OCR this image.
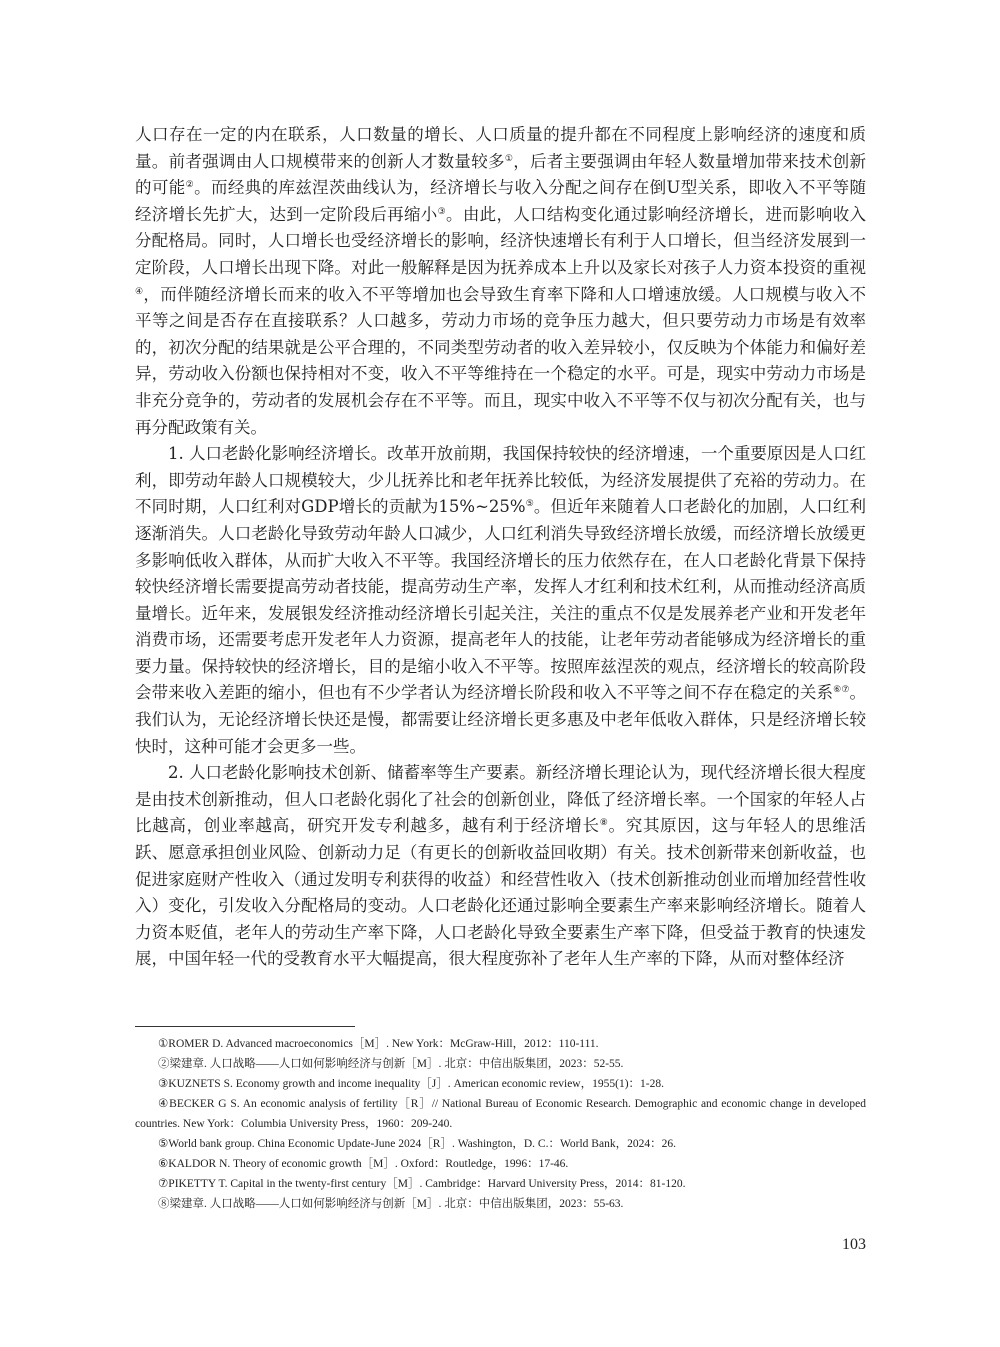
人口存在一定的内在联系，人口数量的增长、人口质量的提升都在不同程度上影响经济的速度和质量。前者强调由人口规模带来的创新人才数量较多①，后者主要强调由年轻人数量增加带来技术创新的可能②。而经典的库兹涅茨曲线认为，经济增长与收入分配之间存在倒U型关系，即收入不平等随经济增长先扩大，达到一定阶段后再缩小③。由此，人口结构变化通过影响经济增长，进而影响收入分配格局。同时，人口增长也受经济增长的影响，经济快速增长有利于人口增长，但当经济发展到一定阶段，人口增长出现下降。对此一般解释是因为抚养成本上升以及家长对孩子人力资本投资的重视④，而伴随经济增长而来的收入不平等增加也会导致生育率下降和人口增速放缓。人口规模与收入不平等之间是否存在直接联系？人口越多，劳动力市场的竞争压力越大，但只要劳动力市场是有效率的，初次分配的结果就是公平合理的，不同类型劳动者的收入差异较小，仅反映为个体能力和偏好差异，劳动收入份额也保持相对不变，收入不平等维持在一个稳定的水平。可是，现实中劳动力市场是非充分竞争的，劳动者的发展机会存在不平等。而且，现实中收入不平等不仅与初次分配有关，也与再分配政策有关。

1. 人口老龄化影响经济增长。改革开放前期，我国保持较快的经济增速，一个重要原因是人口红利，即劳动年龄人口规模较大，少儿抚养比和老年抚养比较低，为经济发展提供了充裕的劳动力。在不同时期，人口红利对GDP增长的贡献为15%~25%⑤。但近年来随着人口老龄化的加剧，人口红利逐渐消失。人口老龄化导致劳动年龄人口减少，人口红利消失导致经济增长放缓，而经济增长放缓更多影响低收入群体，从而扩大收入不平等。我国经济增长的压力依然存在，在人口老龄化背景下保持较快经济增长需要提高劳动者技能，提高劳动生产率，发挥人才红利和技术红利，从而推动经济高质量增长。近年来，发展银发经济推动经济增长引起关注，关注的重点不仅是发展养老产业和开发老年消费市场，还需要考虑开发老年人力资源，提高老年人的技能，让老年劳动者能够成为经济增长的重要力量。保持较快的经济增长，目的是缩小收入不平等。按照库兹涅茨的观点，经济增长的较高阶段会带来收入差距的缩小，但也有不少学者认为经济增长阶段和收入不平等之间不存在稳定的关系⑥⑦。我们认为，无论经济增长快还是慢，都需要让经济增长更多惠及中老年低收入群体，只是经济增长较快时，这种可能才会更多一些。

2. 人口老龄化影响技术创新、储蓄率等生产要素。新经济增长理论认为，现代经济增长很大程度是由技术创新推动，但人口老龄化弱化了社会的创新创业，降低了经济增长率。一个国家的年轻人占比越高，创业率越高，研究开发专利越多，越有利于经济增长⑧。究其原因，这与年轻人的思维活跃、愿意承担创业风险、创新动力足（有更长的创新收益回收期）有关。技术创新带来创新收益，也促进家庭财产性收入（通过发明专利获得的收益）和经营性收入（技术创新推动创业而增加经营性收入）变化，引发收入分配格局的变动。人口老龄化还通过影响全要素生产率来影响经济增长。随着人力资本贬值，老年人的劳动生产率下降，人口老龄化导致全要素生产率下降，但受益于教育的快速发展，中国年轻一代的受教育水平大幅提高，很大程度弥补了老年人生产率的下降，从而对整体经济

①ROMER D. Advanced macroeconomics［M］. New York：McGraw-Hill，2012：110-111.

②梁建章. 人口战略——人口如何影响经济与创新［M］. 北京：中信出版集团，2023：52-55.

③KUZNETS S. Economy growth and income inequality［J］. American economic review，1955(1)：1-28.

④BECKER G S. An economic analysis of fertility［R］// National Bureau of Economic Research. Demographic and economic change in developed countries. New York：Columbia University Press，1960：209-240.

⑤World bank group. China Economic Update-June 2024［R］. Washington，D. C.：World Bank，2024：26.

⑥KALDOR N. Theory of economic growth［M］. Oxford：Routledge，1996：17-46.

⑦PIKETTY T. Capital in the twenty-first century［M］. Cambridge：Harvard University Press，2014：81-120.

⑧梁建章. 人口战略——人口如何影响经济与创新［M］. 北京：中信出版集团，2023：55-63.

103
